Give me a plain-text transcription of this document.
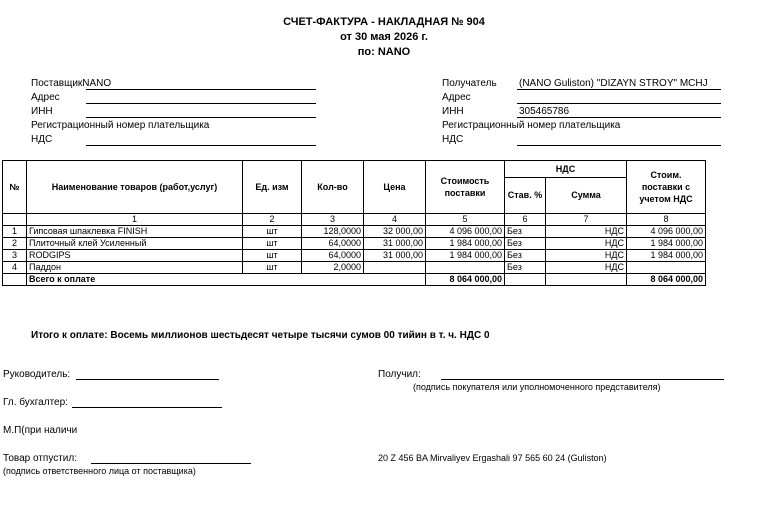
СЧЕТ-ФАКТУРА - НАКЛАДНАЯ № 904
от 30 мая 2026 г.
по: NANO
ПоставщикNANO
Адрес
ИНН
Регистрационный номер плательщика
НДС
Получатель (NANO Guliston) "DIZAYN STROY" MCHJ
Адрес
ИНН	305465786
Регистрационный номер плательщика
НДС
№	Наименование товаров (работ,услуг)	Ед. изм	Кол-во	Цена	Стоимость поставки	НДС		Стоим. поставки с учетом НДС
						Став. %	Сумма	
	1	2	3	4	5	6	7	8
1	Гипсовая шпаклевка FINISH	шт	128,0000	32 000,00	4 096 000,00	Без	НДС	4 096 000,00
2	Плиточный клей Усиленный	шт	64,0000	31 000,00	1 984 000,00	Без	НДС	1 984 000,00
3	RODGIPS	шт	64,0000	31 000,00	1 984 000,00	Без	НДС	1 984 000,00
4	Паддон	шт	2,0000			Без	НДС	
	Всего к оплате				8 064 000,00			8 064 000,00
Итого к оплате: Восемь миллионов шестьдесят четыре тысячи сумов 00 тийин в т. ч. НДС 0
Руководитель:
Гл. бухгалтер:
М.П(при наличи
Товар отпустил:
(подпись ответственного лица от поставщика)
Получил:
(подпись покупателя или уполномоченного представителя)
20 Z 456 BA Mirvaliyev Ergashali 97 565 60 24 (Guliston)
